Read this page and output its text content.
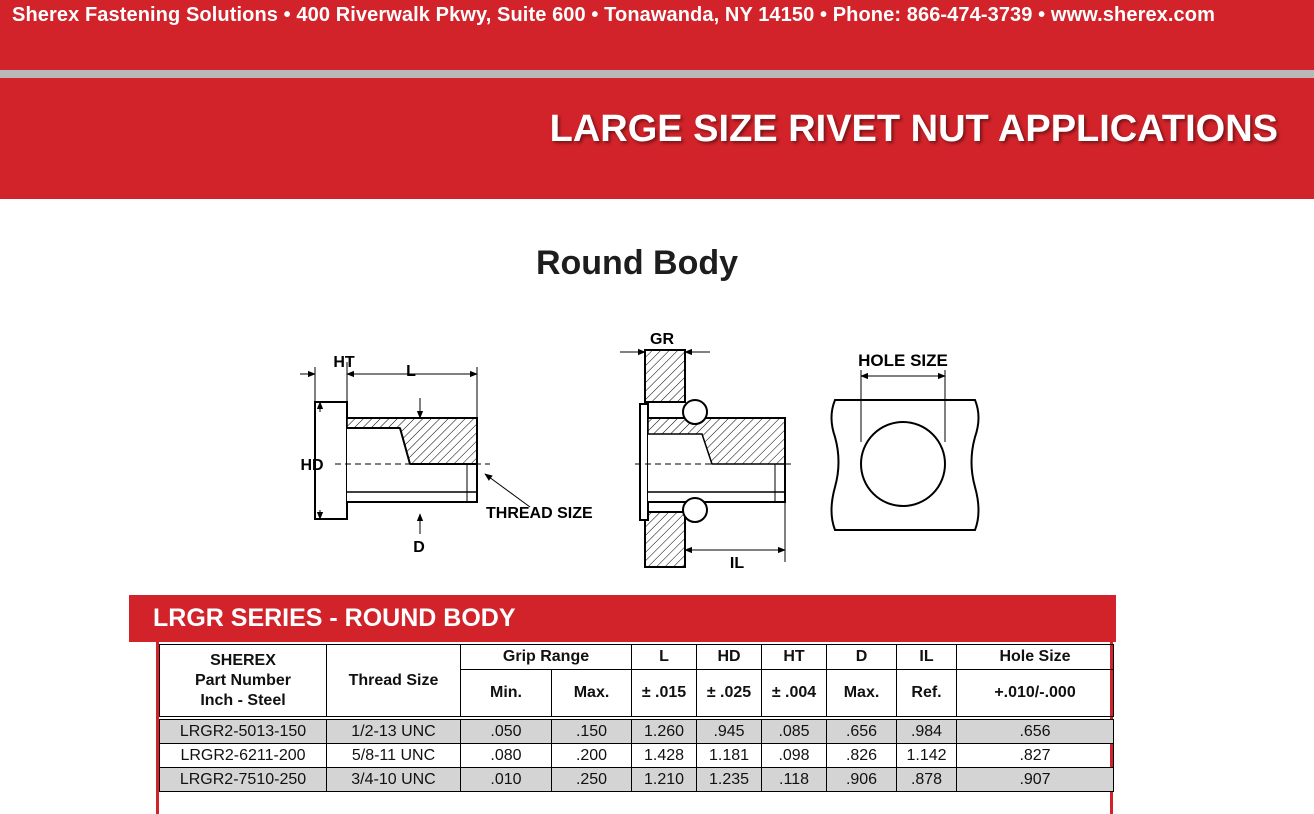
Sherex Fastening Solutions • 400 Riverwalk Pkwy, Suite 600 • Tonawanda, NY 14150 • Phone: 866-474-3739 • www.sherex.com
LARGE SIZE RIVET NUT APPLICATIONS
Round Body
HT
L
HD
D
THREAD SIZE
GR
IL
HOLE SIZE
LRGR SERIES - ROUND BODY
SHEREX
Part Number
Inch - Steel	Thread Size	Grip Range		L	HD	HT	D	IL	Hole Size
		Min.	Max.	± .015	± .025	± .004	Max.	Ref.	+.010/-.000
LRGR2-5013-150	1/2-13 UNC	.050	.150	1.260	.945	.085	.656	.984	.656
LRGR2-6211-200	5/8-11 UNC	.080	.200	1.428	1.181	.098	.826	1.142	.827
LRGR2-7510-250	3/4-10 UNC	.010	.250	1.210	1.235	.118	.906	.878	.907
